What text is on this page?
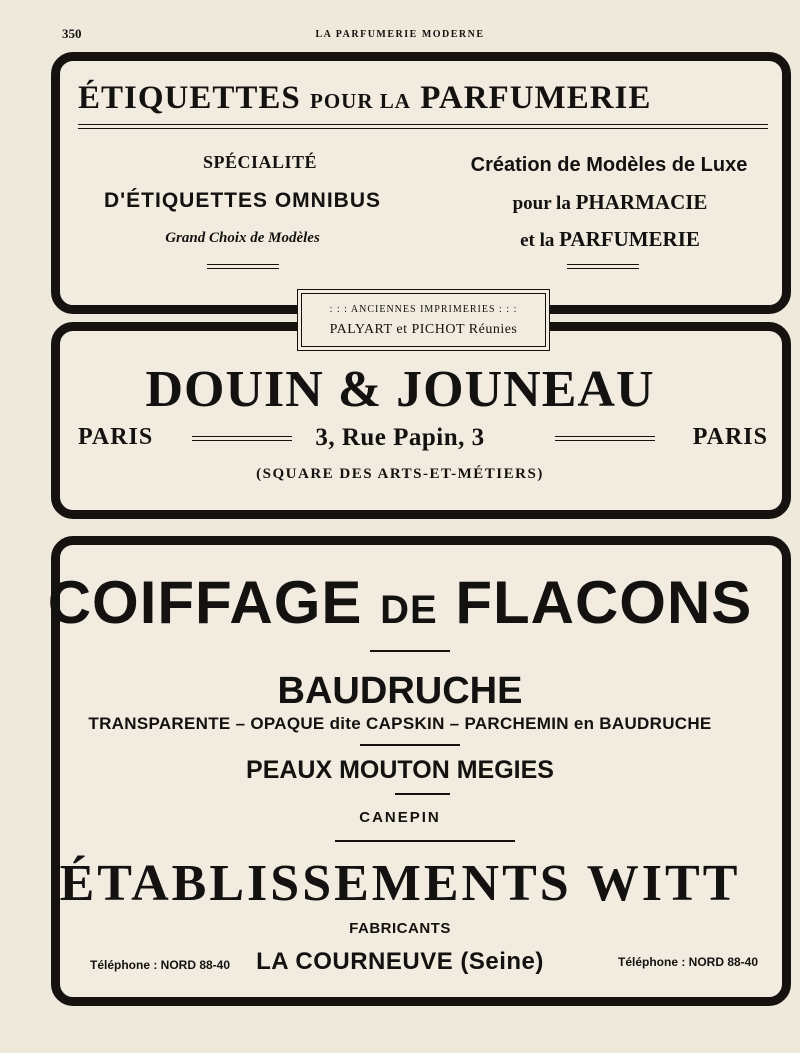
350	LA PARFUMERIE MODERNE
ÉTIQUETTES POUR LA PARFUMERIE
SPÉCIALITÉ
D'ÉTIQUETTES OMNIBUS
Grand Choix de Modèles
Création de Modèles de Luxe
pour la PHARMACIE
et la PARFUMERIE
: : : ANCIENNES IMPRIMERIES : : :
PALYART et PICHOT Réunies
DOUIN & JOUNEAU
PARIS	3, Rue Papin, 3	PARIS
(SQUARE DES ARTS-ET-MÉTIERS)
COIFFAGE DE FLACONS
BAUDRUCHE
TRANSPARENTE – OPAQUE dite CAPSKIN – PARCHEMIN en BAUDRUCHE
PEAUX MOUTON MEGIES
CANEPIN
ÉTABLISSEMENTS WITT
FABRICANTS
LA COURNEUVE (Seine)
Téléphone : NORD 88-40	Téléphone : NORD 88-40
